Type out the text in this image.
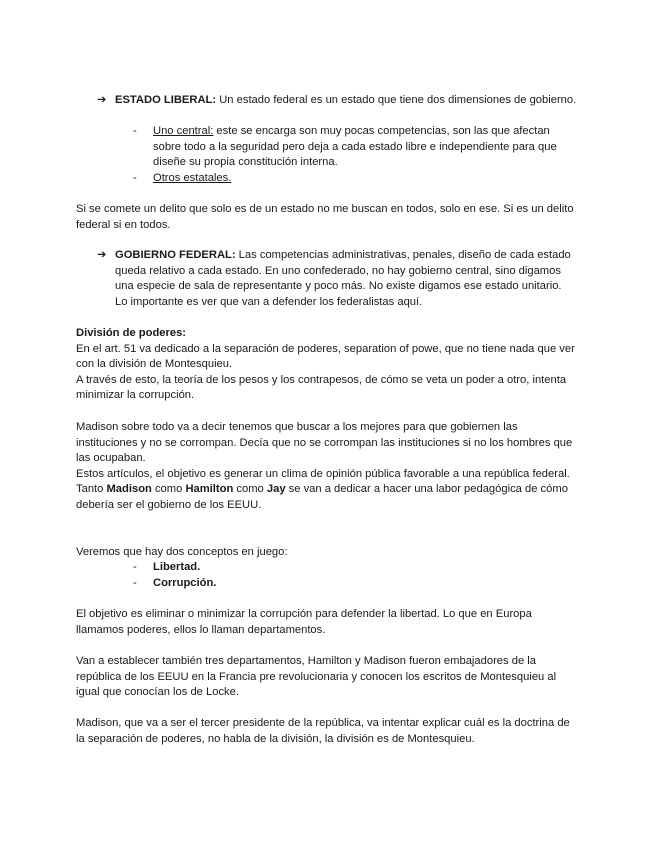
➔ ESTADO LIBERAL: Un estado federal es un estado que tiene dos dimensiones de gobierno.
- Uno central: este se encarga son muy pocas competencias, son las que afectan sobre todo a la seguridad pero deja a cada estado libre e independiente para que diseñe su propia constitución interna.
- Otros estatales.

Si se comete un delito que solo es de un estado no me buscan en todos, solo en ese. Si es un delito federal si en todos.

➔ GOBIERNO FEDERAL: Las competencias administrativas, penales, diseño de cada estado queda relativo a cada estado. En uno confederado, no hay gobierno central, sino digamos una especie de sala de representante y poco más. No existe digamos ese estado unitario. Lo importante es ver que van a defender los federalistas aquí.
División de poderes:
En el art. 51 va dedicado a la separación de poderes, separation of powe, que no tiene nada que ver con la división de Montesquieu.
A través de esto, la teoría de los pesos y los contrapesos, de cómo se veta un poder a otro, intenta minimizar la corrupción.
Madison sobre todo va a decir tenemos que buscar a los mejores para que gobiernen las instituciones y no se corrompan. Decía que no se corrompan las instituciones si no los hombres que las ocupaban.
Estos artículos, el objetivo es generar un clima de opinión pública favorable a una república federal. Tanto Madison como Hamilton como Jay se van a dedicar a hacer una labor pedagógica de cómo debería ser el gobierno de los EEUU.

Veremos que hay dos conceptos en juego:

- Libertad.
- Corrupción.

El objetivo es eliminar o minimizar la corrupción para defender la libertad. Lo que en Europa llamamos poderes, ellos lo llaman departamentos.

Van a establecer también tres departamentos, Hamilton y Madison fueron embajadores de la república de los EEUU en la Francia pre revolucionaria y conocen los escritos de Montesquieu al igual que conocían los de Locke.

Madison, que va a ser el tercer presidente de la república, va intentar explicar cuál es la doctrina de la separación de poderes, no habla de la división, la división es de Montesquieu.
